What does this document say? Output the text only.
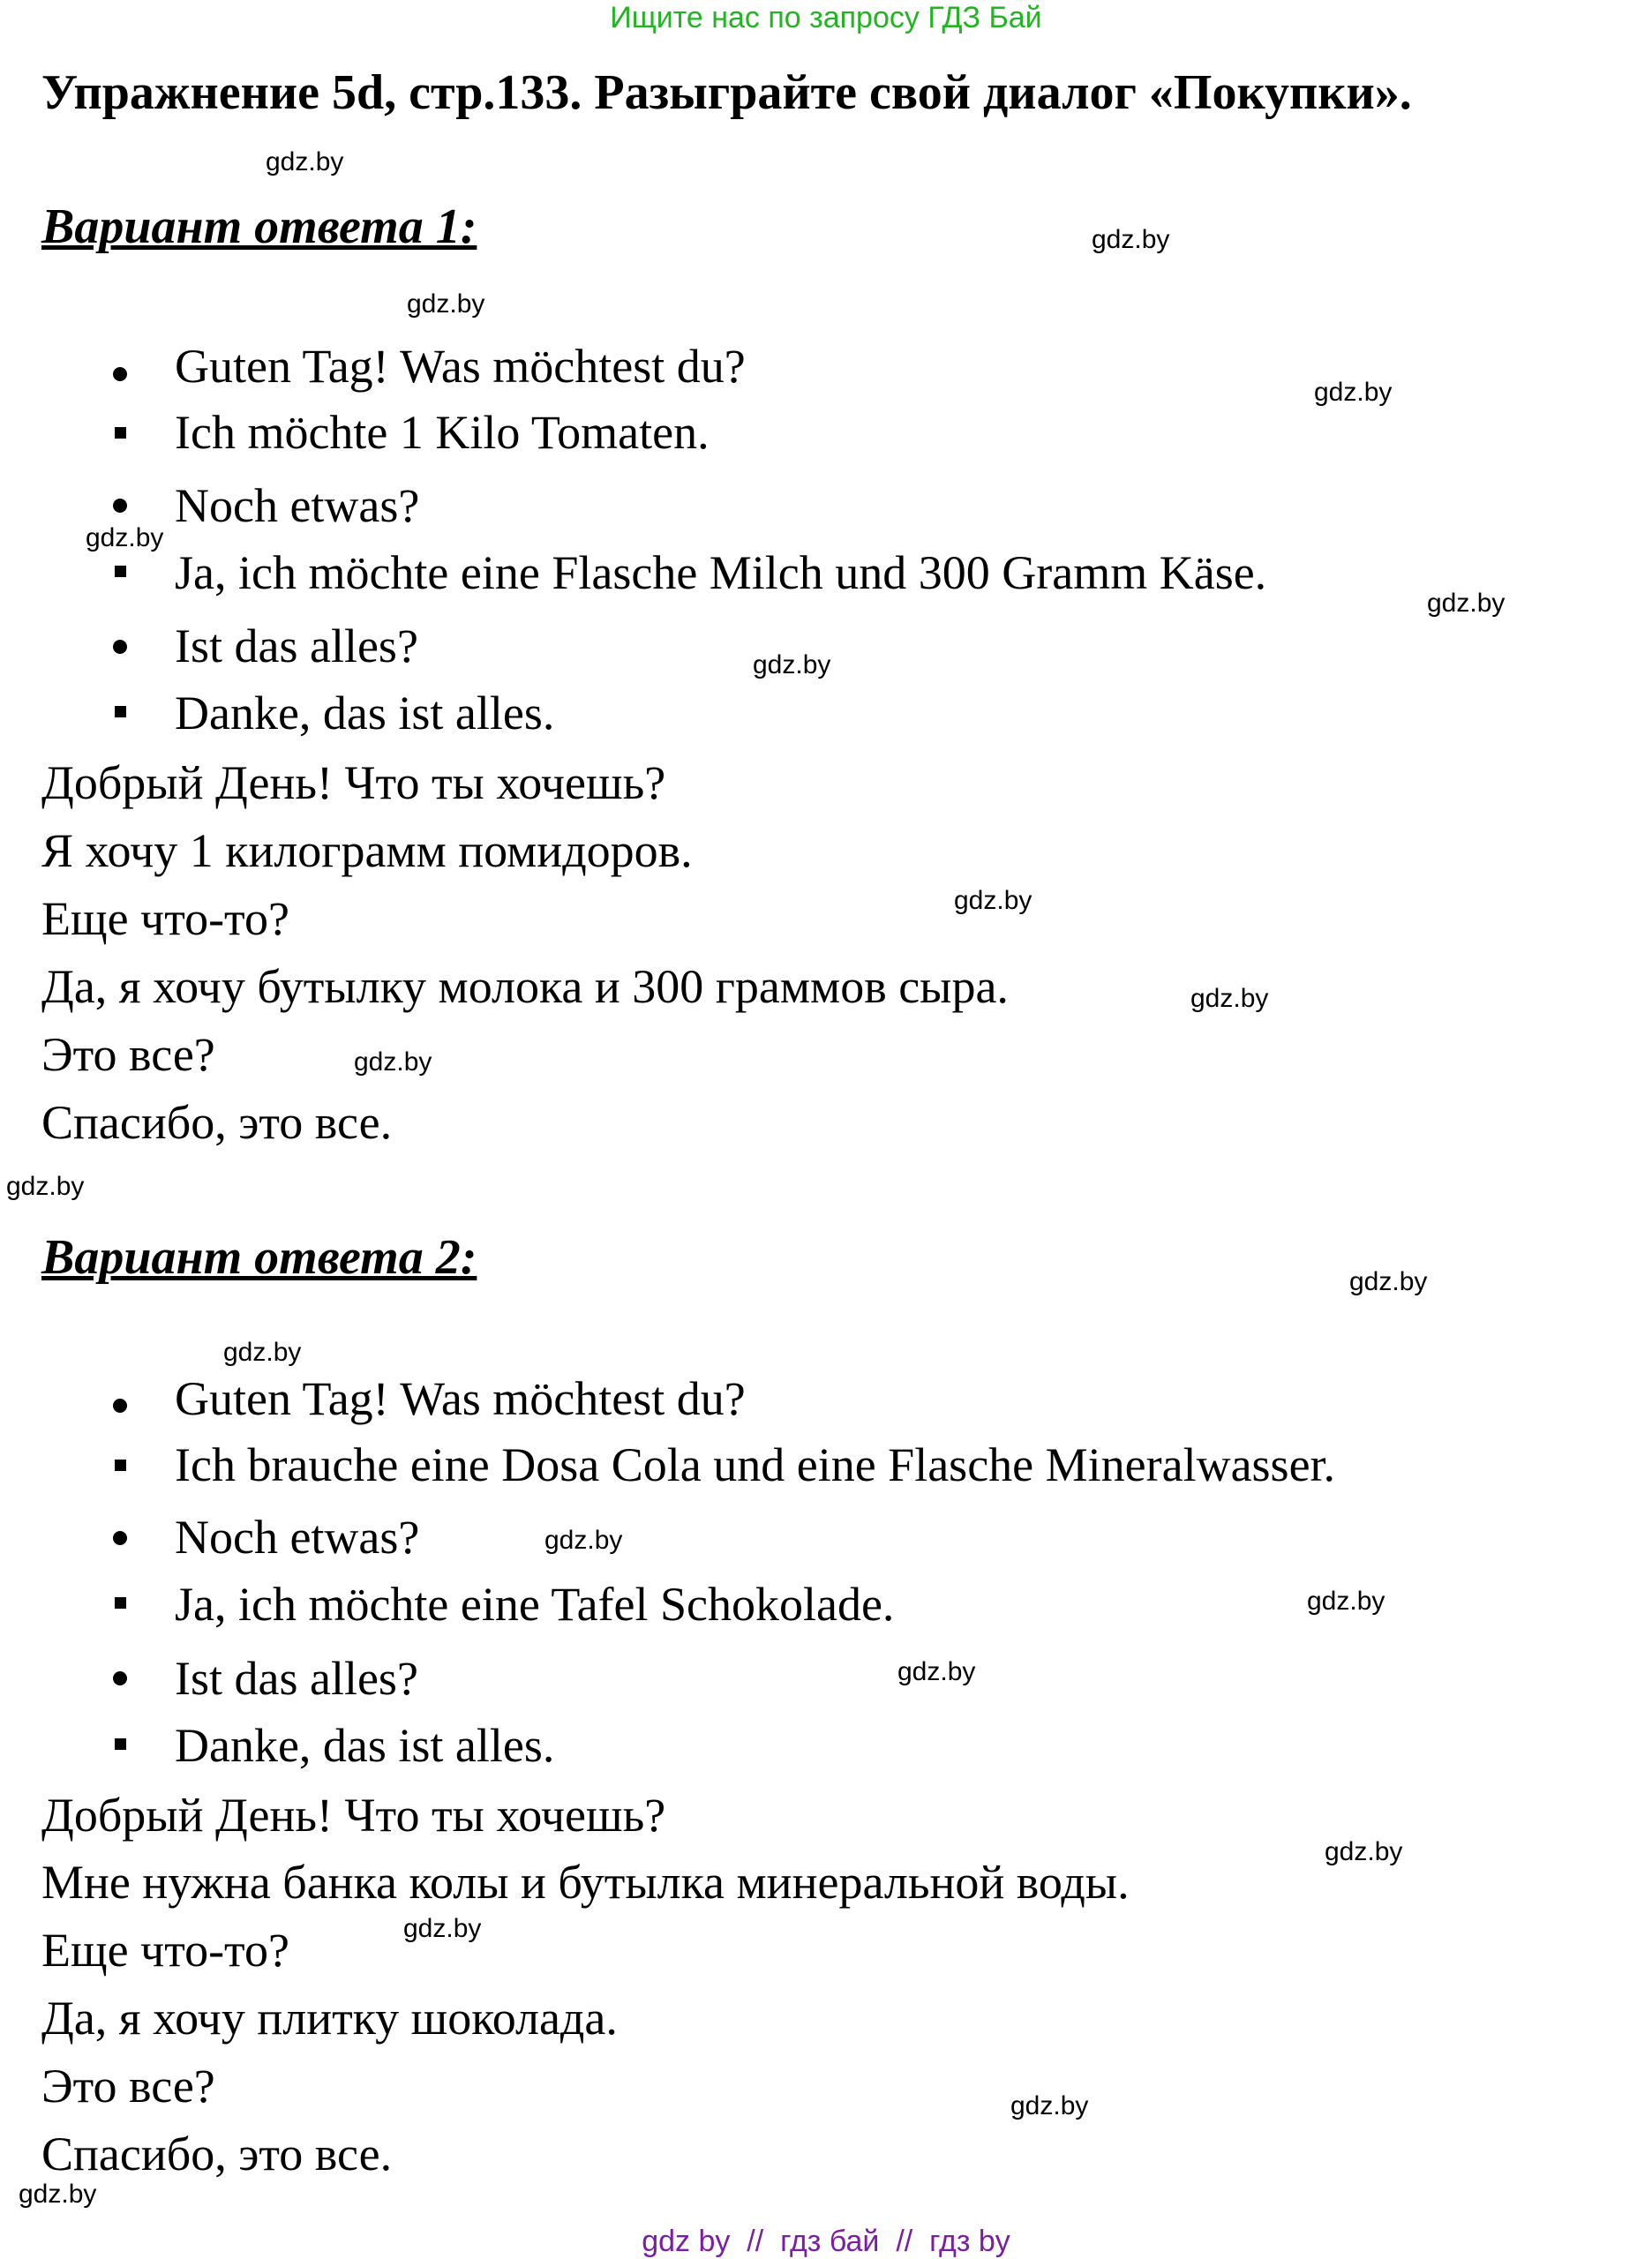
Ищите нас по запросу ГДЗ Бай
Упражнение 5d, стр.133. Разыграйте свой диалог «Покупки».
Вариант ответа 1:
Guten Tag! Was möchtest du?
Ich möchte 1 Kilo Tomaten.
Noch etwas?
Ja, ich möchte eine Flasche Milch und 300 Gramm Käse.
Ist das alles?
Danke, das ist alles.
Добрый День! Что ты хочешь?
Я хочу 1 килограмм помидоров.
Еще что-то?
Да, я хочу бутылку молока и 300 граммов сыра.
Это все?
Спасибо, это все.
Вариант ответа 2:
Guten Tag! Was möchtest du?
Ich brauche eine Dosa Cola und eine Flasche Mineralwasser.
Noch etwas?
Ja, ich möchte eine Tafel Schokolade.
Ist das alles?
Danke, das ist alles.
Добрый День! Что ты хочешь?
Мне нужна банка колы и бутылка минеральной воды.
Еще что-то?
Да, я хочу плитку шоколада.
Это все?
Спасибо, это все.
gdz.by
gdz.by
gdz.by
gdz.by
gdz.by
gdz.by
gdz.by
gdz.by
gdz.by
gdz.by
gdz.by
gdz.by
gdz.by
gdz.by
gdz.by
gdz.by
gdz.by
gdz.by
gdz.by
gdz.by
gdz by  //  гдз бай  //  гдз by
